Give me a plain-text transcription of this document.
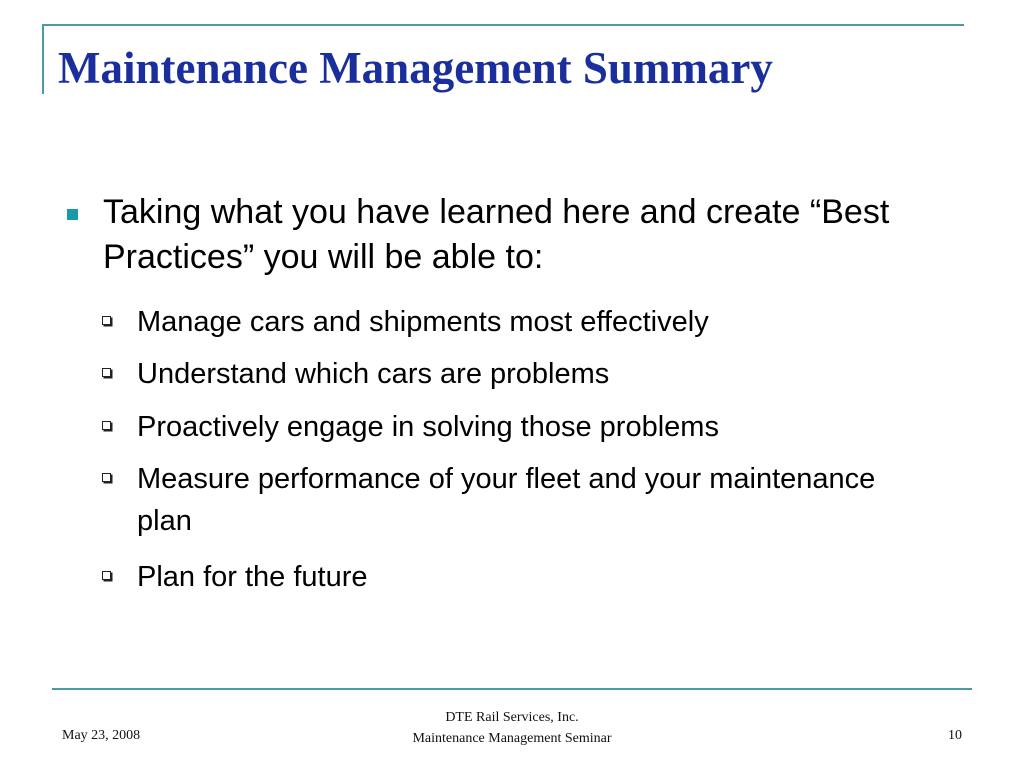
Maintenance Management Summary
Taking what you have learned here and create “Best Practices” you will be able to:
Manage cars and shipments most effectively
Understand which cars are problems
Proactively engage in solving those problems
Measure performance of your fleet and your maintenance plan
Plan for the future
May 23, 2008
DTE Rail Services, Inc.
Maintenance Management Seminar	10
